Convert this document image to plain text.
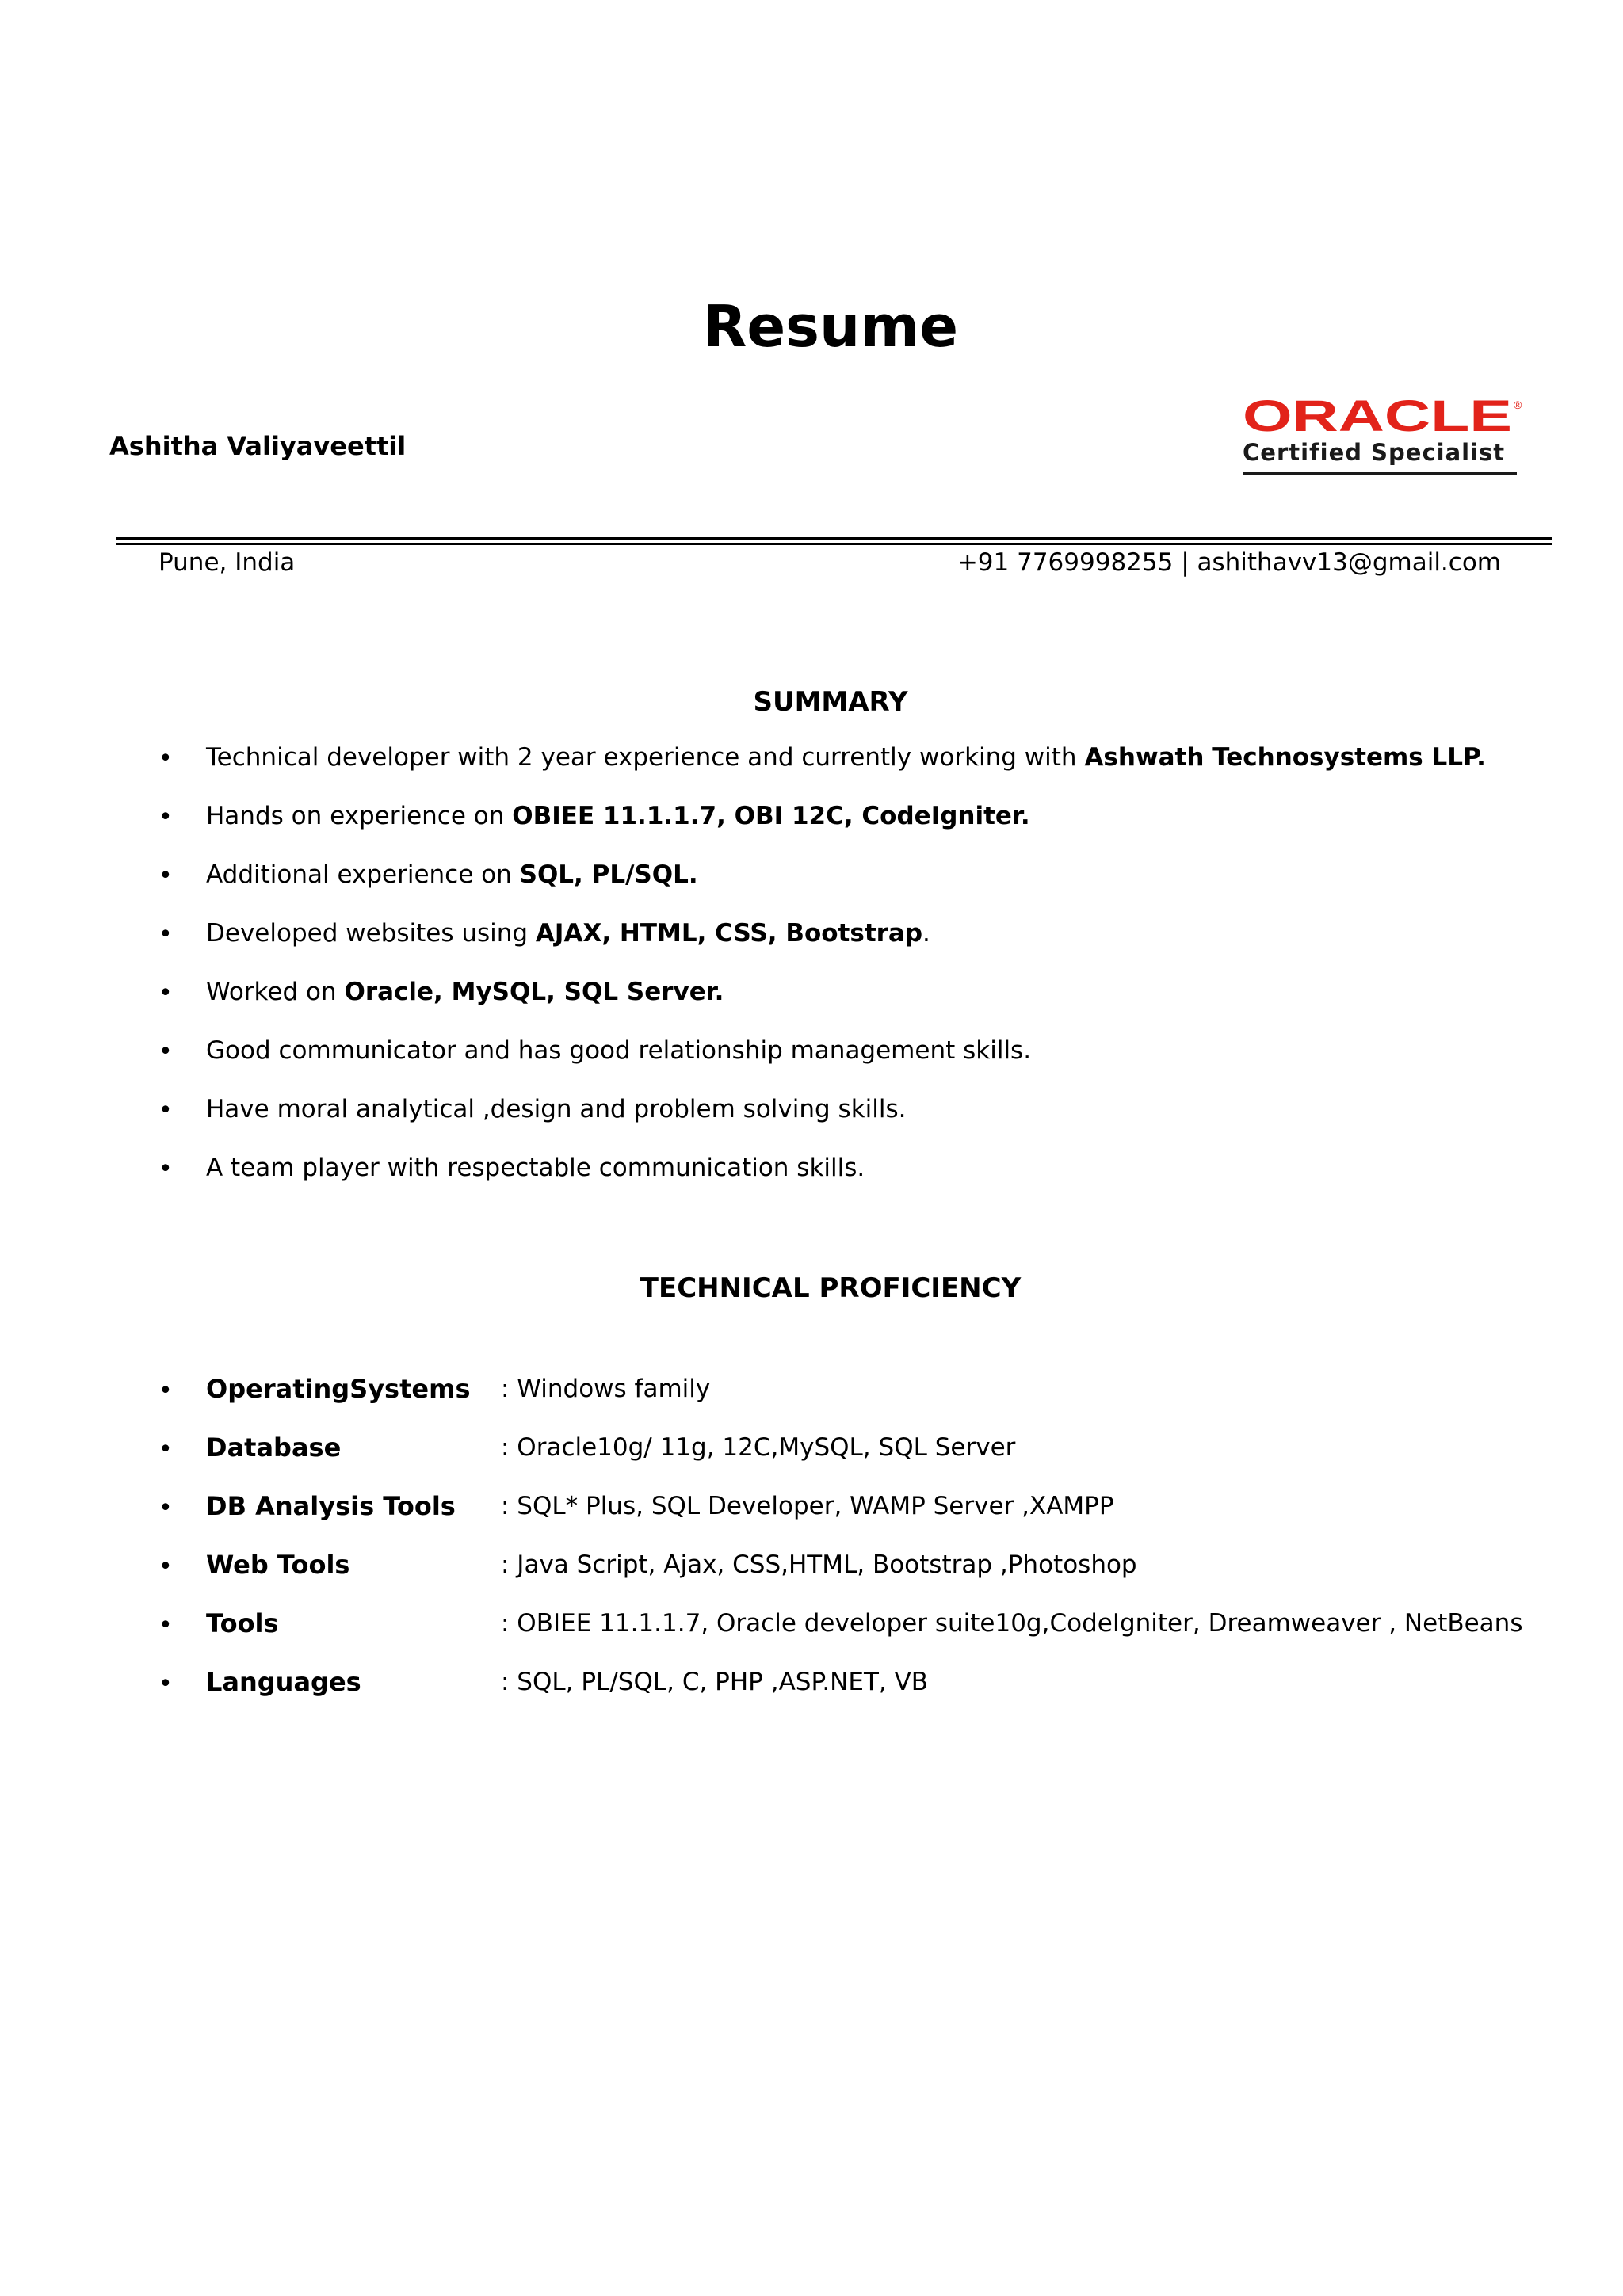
Resume
Ashitha Valiyaveettil
ORACLE ®
Certified Specialist
Pune, India	+91 7769998255 | ashithavv13@gmail.com
SUMMARY
• Technical developer with 2 year experience and currently working with Ashwath Technosystems LLP.
• Hands on experience on OBIEE 11.1.1.7, OBI 12C, CodeIgniter.
• Additional experience on SQL, PL/SQL.
• Developed websites using AJAX, HTML, CSS, Bootstrap.
• Worked on Oracle, MySQL, SQL Server.
• Good communicator and has good relationship management skills.
• Have moral analytical ,design and problem solving skills.
• A team player with respectable communication skills.
TECHNICAL PROFICIENCY
• OperatingSystems : Windows family
• Database	: Oracle10g/ 11g, 12C,MySQL, SQL Server
• DB Analysis Tools : SQL* Plus, SQL Developer, WAMP Server ,XAMPP
• Web Tools	: Java Script, Ajax, CSS,HTML, Bootstrap ,Photoshop
• Tools	: OBIEE 11.1.1.7, Oracle developer suite10g,CodeIgniter, Dreamweaver , NetBeans
• Languages	: SQL, PL/SQL, C, PHP ,ASP.NET, VB
